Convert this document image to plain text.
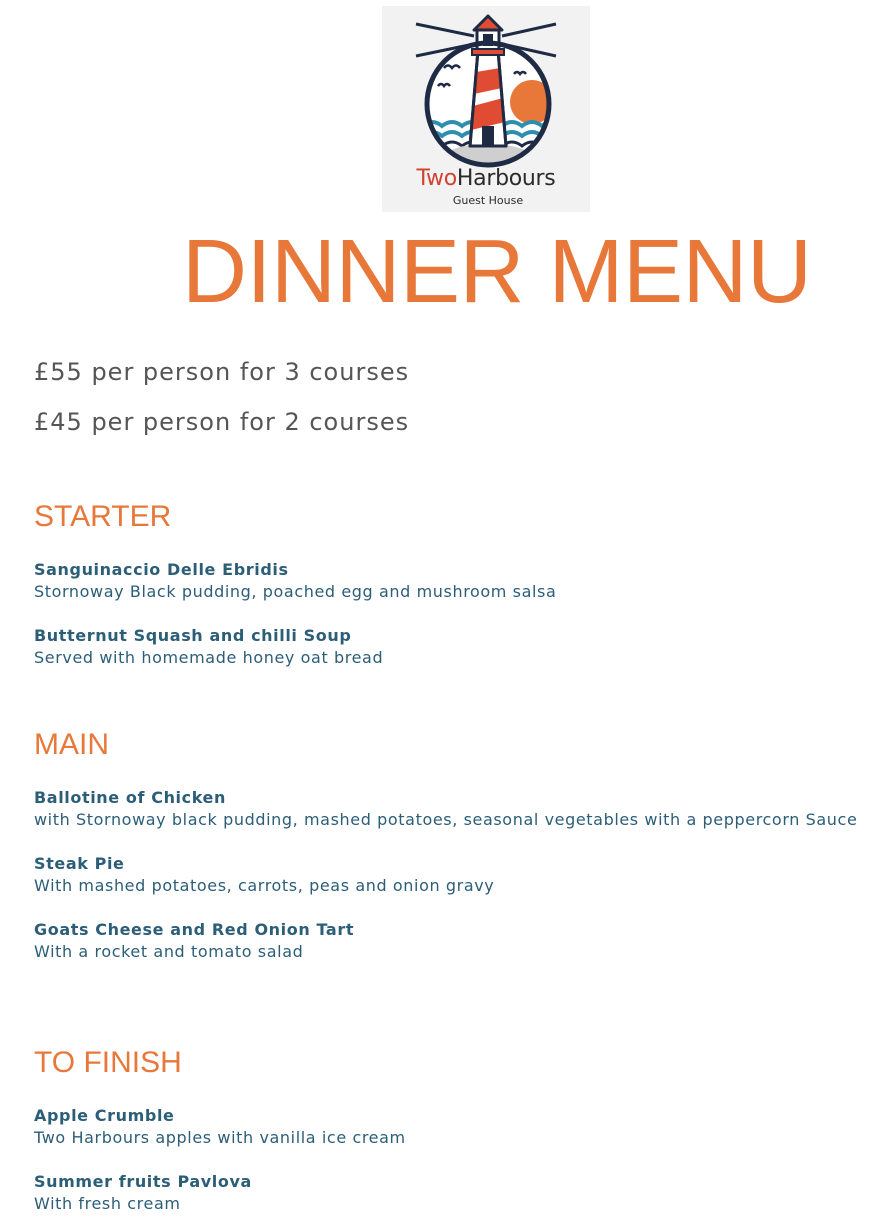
TwoHarbours
Guest House
DINNER MENU
£55 per person for 3 courses
£45 per person for 2 courses
STARTER
Sanguinaccio Delle Ebridis
Stornoway Black pudding, poached egg and mushroom salsa
Butternut Squash and chilli Soup
Served with homemade honey oat bread
MAIN
Ballotine of Chicken
with Stornoway black pudding, mashed potatoes, seasonal vegetables with a peppercorn Sauce
Steak Pie
With mashed potatoes, carrots, peas and onion gravy
Goats Cheese and Red Onion Tart
With a rocket and tomato salad
TO FINISH
Apple Crumble
Two Harbours apples with vanilla ice cream
Summer fruits Pavlova
With fresh cream
